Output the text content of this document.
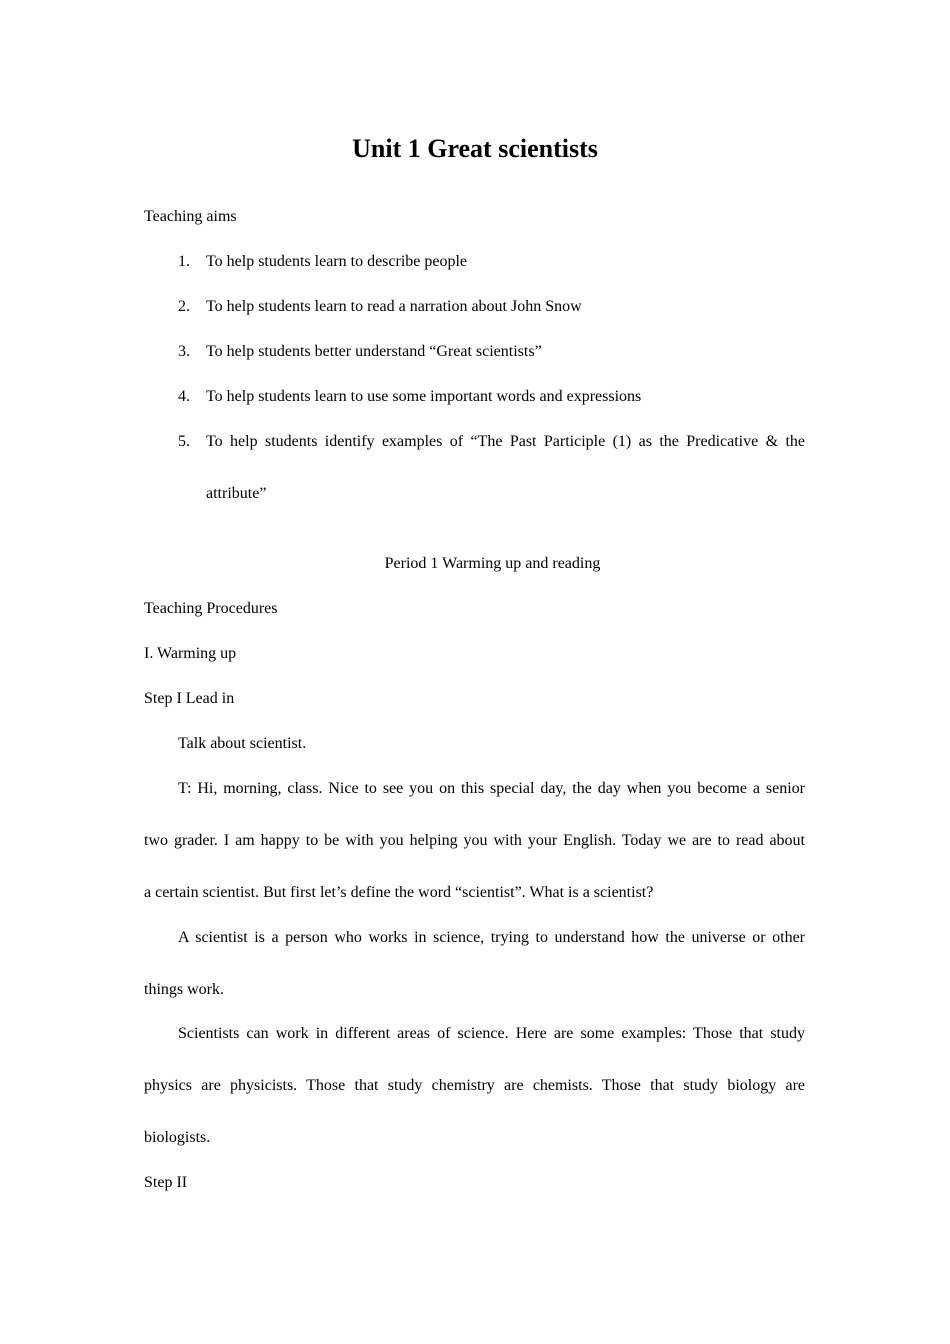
Unit 1 Great scientists
Teaching aims
1.	To help students learn to describe people
2.	To help students learn to read a narration about John Snow
3.	To help students better understand “Great scientists”
4.	To help students learn to use some important words and expressions
5.	To help students identify examples of “The Past Participle (1) as the Predicative & the
attribute”
Period 1 Warming up and reading
Teaching Procedures
I. Warming up
Step I Lead in
Talk about scientist.
T: Hi, morning, class. Nice to see you on this special day, the day when you become a senior
two grader. I am happy to be with you helping you with your English. Today we are to read about
a certain scientist. But first let’s define the word “scientist”. What is a scientist?
A scientist is a person who works in science, trying to understand how the universe or other
things work.
Scientists can work in different areas of science. Here are some examples: Those that study
physics are physicists. Those that study chemistry are chemists. Those that study biology are
biologists.
Step II
